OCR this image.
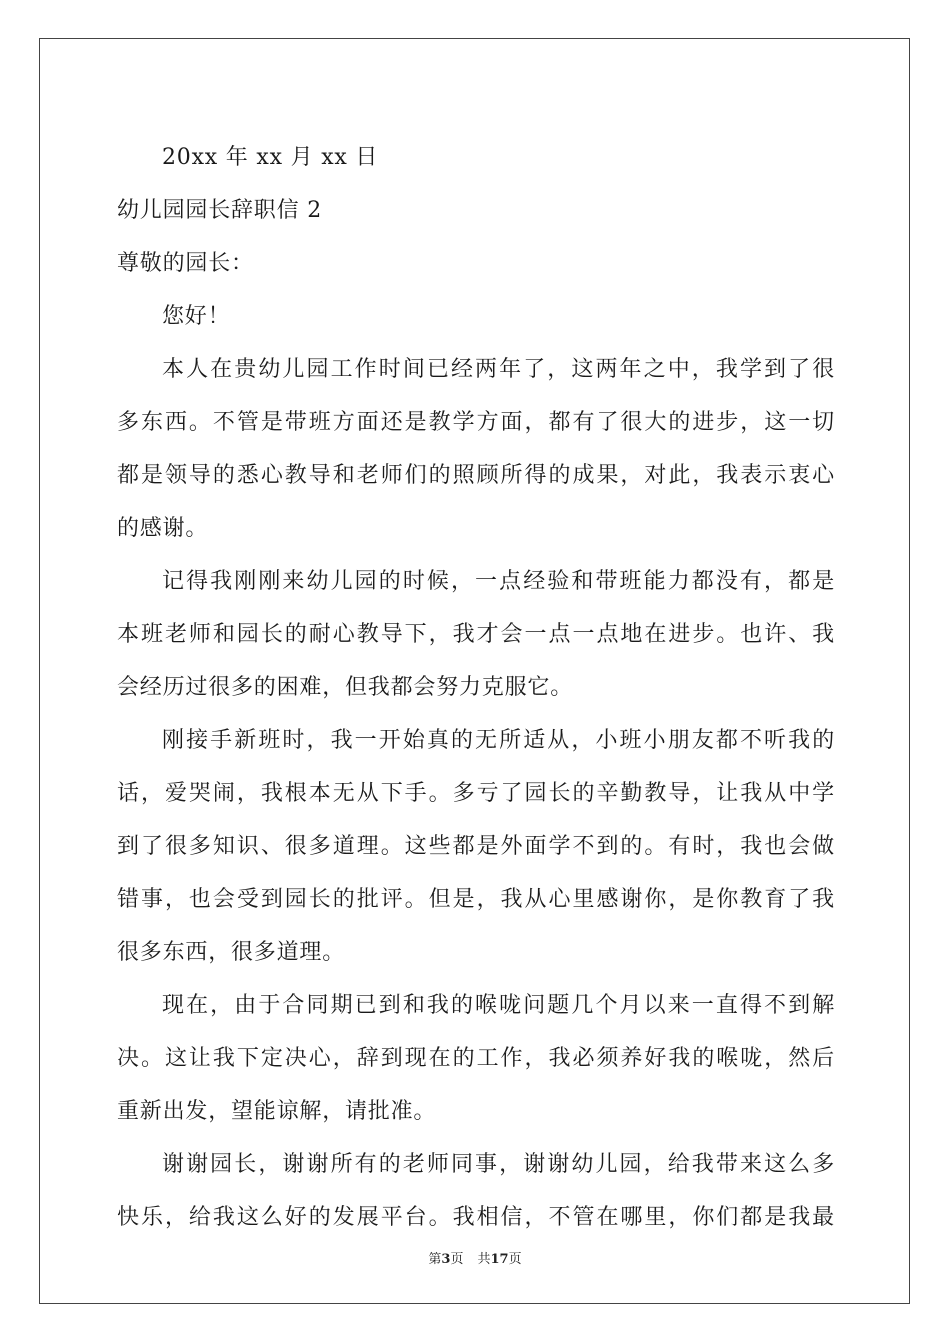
20xx 年 xx 月 xx 日
幼儿园园长辞职信 2
尊敬的园长：
您好！
本人在贵幼儿园工作时间已经两年了，这两年之中，我学到了很
多东西。不管是带班方面还是教学方面，都有了很大的进步，这一切
都是领导的悉心教导和老师们的照顾所得的成果，对此，我表示衷心
的感谢。
记得我刚刚来幼儿园的时候，一点经验和带班能力都没有，都是
本班老师和园长的耐心教导下，我才会一点一点地在进步。也许、我
会经历过很多的困难，但我都会努力克服它。
刚接手新班时，我一开始真的无所适从，小班小朋友都不听我的
话，爱哭闹，我根本无从下手。多亏了园长的辛勤教导，让我从中学
到了很多知识、很多道理。这些都是外面学不到的。有时，我也会做
错事，也会受到园长的批评。但是，我从心里感谢你，是你教育了我
很多东西，很多道理。
现在，由于合同期已到和我的喉咙问题几个月以来一直得不到解
决。这让我下定决心，辞到现在的工作，我必须养好我的喉咙，然后
重新出发，望能谅解，请批准。
谢谢园长，谢谢所有的老师同事，谢谢幼儿园，给我带来这么多
快乐，给我这么好的发展平台。我相信，不管在哪里，你们都是我最
第3页 共17页
